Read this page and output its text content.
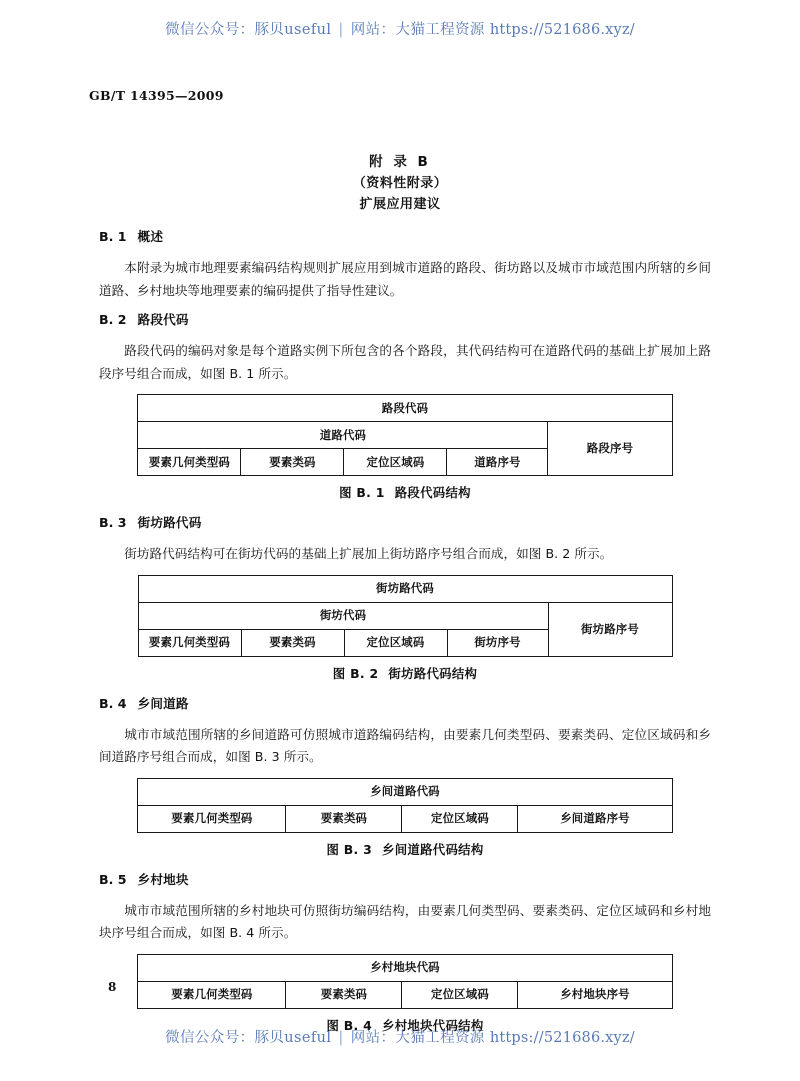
微信公众号：豚贝useful | 网站：大猫工程资源 https://521686.xyz/
GB/T 14395—2009
附 录 B
（资料性附录）
扩展应用建议
B. 1 概述

本附录为城市地理要素编码结构规则扩展应用到城市道路的路段、街坊路以及城市市域范围内所辖的乡间道路、乡村地块等地理要素的编码提供了指导性建议。

B. 2 路段代码

路段代码的编码对象是每个道路实例下所包含的各个路段，其代码结构可在道路代码的基础上扩展加上路段序号组合而成，如图 B. 1 所示。

路段代码				
道路代码				路段序号
要素几何类型码	要素类码	定位区域码	道路序号	
图 B. 1 路段代码结构
B. 3 街坊路代码

街坊路代码结构可在街坊代码的基础上扩展加上街坊路序号组合而成，如图 B. 2 所示。

街坊路代码				
街坊代码				街坊路序号
要素几何类型码	要素类码	定位区域码	街坊序号	
图 B. 2 街坊路代码结构
B. 4 乡间道路

城市市域范围所辖的乡间道路可仿照城市道路编码结构，由要素几何类型码、要素类码、定位区域码和乡间道路序号组合而成，如图 B. 3 所示。

乡间道路代码
要素几何类型码	要素类码	定位区域码	乡间道路序号
图 B. 3 乡间道路代码结构
B. 5 乡村地块

城市市域范围所辖的乡村地块可仿照街坊编码结构，由要素几何类型码、要素类码、定位区域码和乡村地块序号组合而成，如图 B. 4 所示。

乡村地块代码
要素几何类型码	要素类码	定位区域码	乡村地块序号
图 B. 4 乡村地块代码结构
8
微信公众号：豚贝useful | 网站：大猫工程资源 https://521686.xyz/
